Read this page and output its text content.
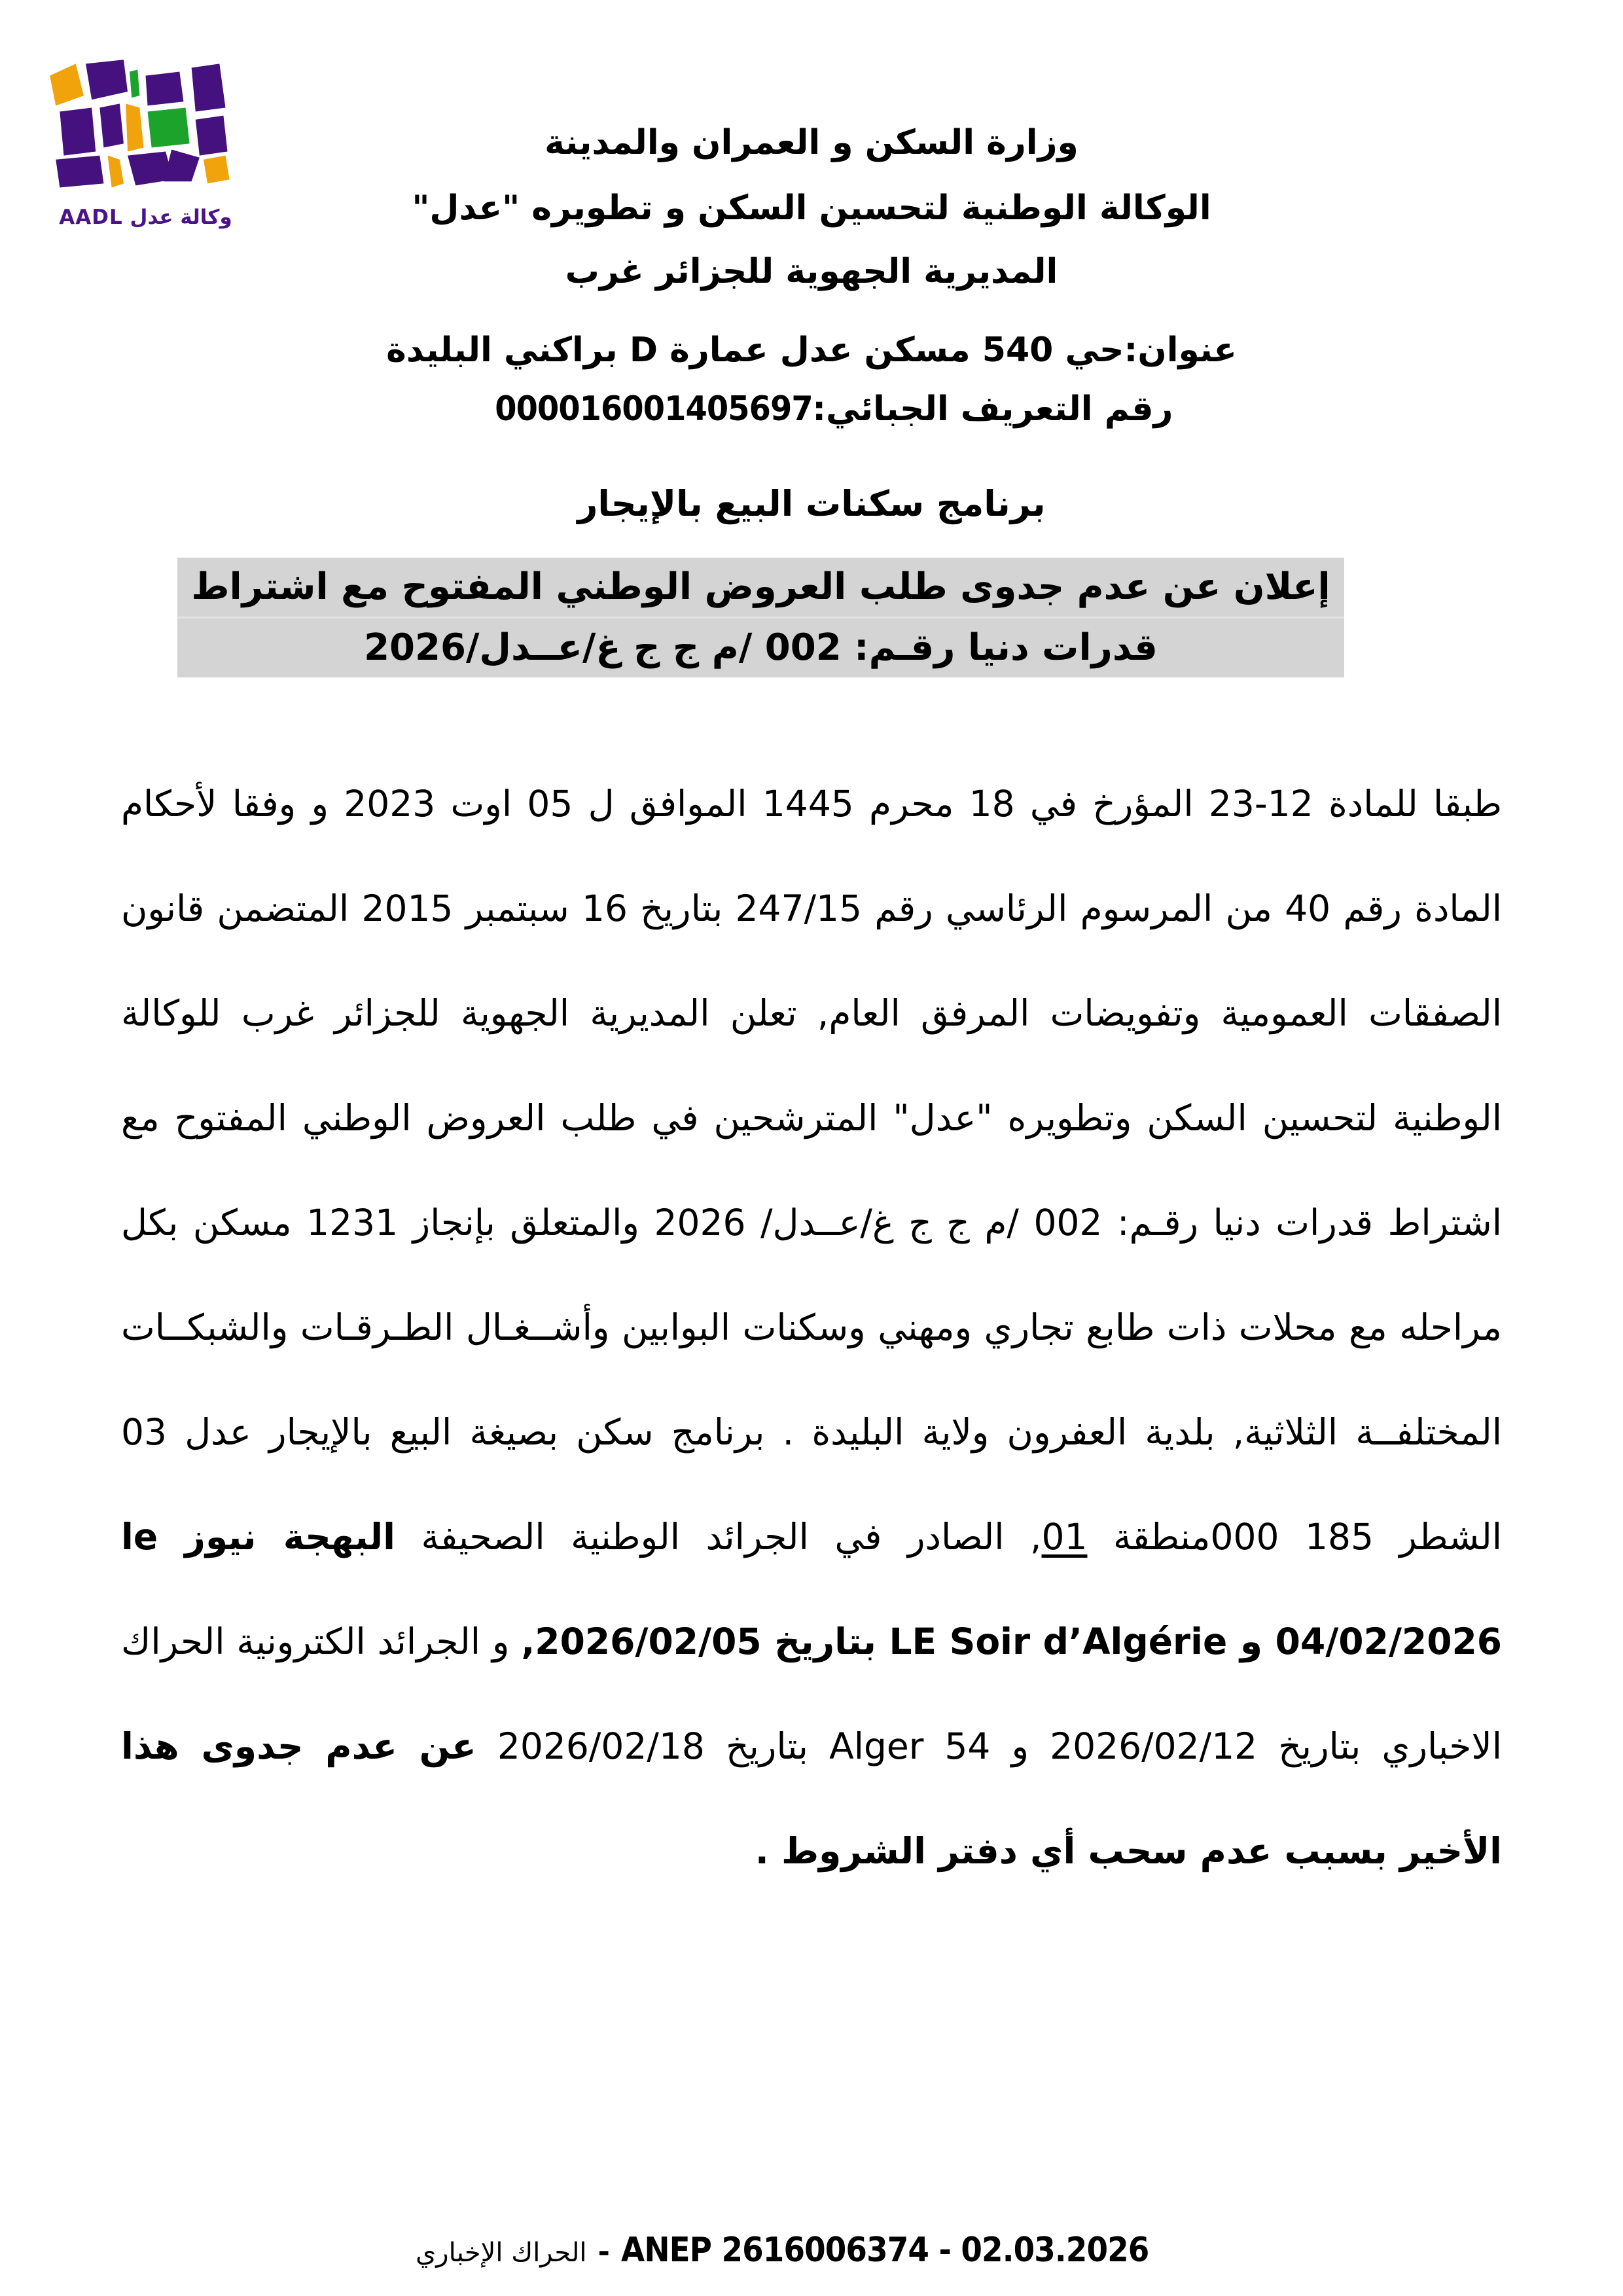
وكالة عدل AADL
وزارة السكن و العمران والمدينة
الوكالة الوطنية لتحسين السكن و تطويره "عدل"
المديرية الجهوية للجزائر غرب
عنوان:حي 540 مسكن عدل عمارة D براكني البليدة
رقم التعريف الجبائي:000016001405697
برنامج سكنات البيع بالإيجار
إعلان عن عدم جدوى طلب العروض الوطني المفتوح مع اشتراط
قدرات دنيا رقـم: 002 /م ج ج غ/عــدل/2026

طبقا للمادة 12-23 المؤرخ في 18 محرم 1445 الموافق ل 05 اوت 2023 و وفقا لأحكام المادة رقم 40 من المرسوم الرئاسي رقم 247/15 بتاريخ 16 سبتمبر 2015 المتضمن قانون الصفقات العمومية وتفويضات المرفق العام, تعلن المديرية الجهوية للجزائر غرب للوكالة الوطنية لتحسين السكن وتطويره "عدل" المترشحين في طلب العروض الوطني المفتوح مع اشتراط قدرات دنيا رقـم: 002 /م ج ج غ/عــدل/ 2026 والمتعلق بإنجاز 1231 مسكن بكل مراحله مع محلات ذات طابع تجاري ومهني وسكنات البوابين وأشــغـال الطـرقـات والشبكــات المختلفــة الثلاثية, بلدية العفرون ولاية البليدة . برنامج سكن بصيغة البيع بالإيجار عدل 03 الشطر 185 000منطقة 01, الصادر في الجرائد الوطنية الصحيفة البهجة نيوز le 04/02/2026 و LE Soir d’Algérie بتاريخ 2026/02/05, و الجرائد الكترونية الحراك الاخباري بتاريخ 2026/02/12 و Alger 54 بتاريخ 2026/02/18 عن عدم جدوى هذا الأخير بسبب عدم سحب أي دفتر الشروط .

الحراك الإخباري - ANEP 2616006374 - 02.03.2026
